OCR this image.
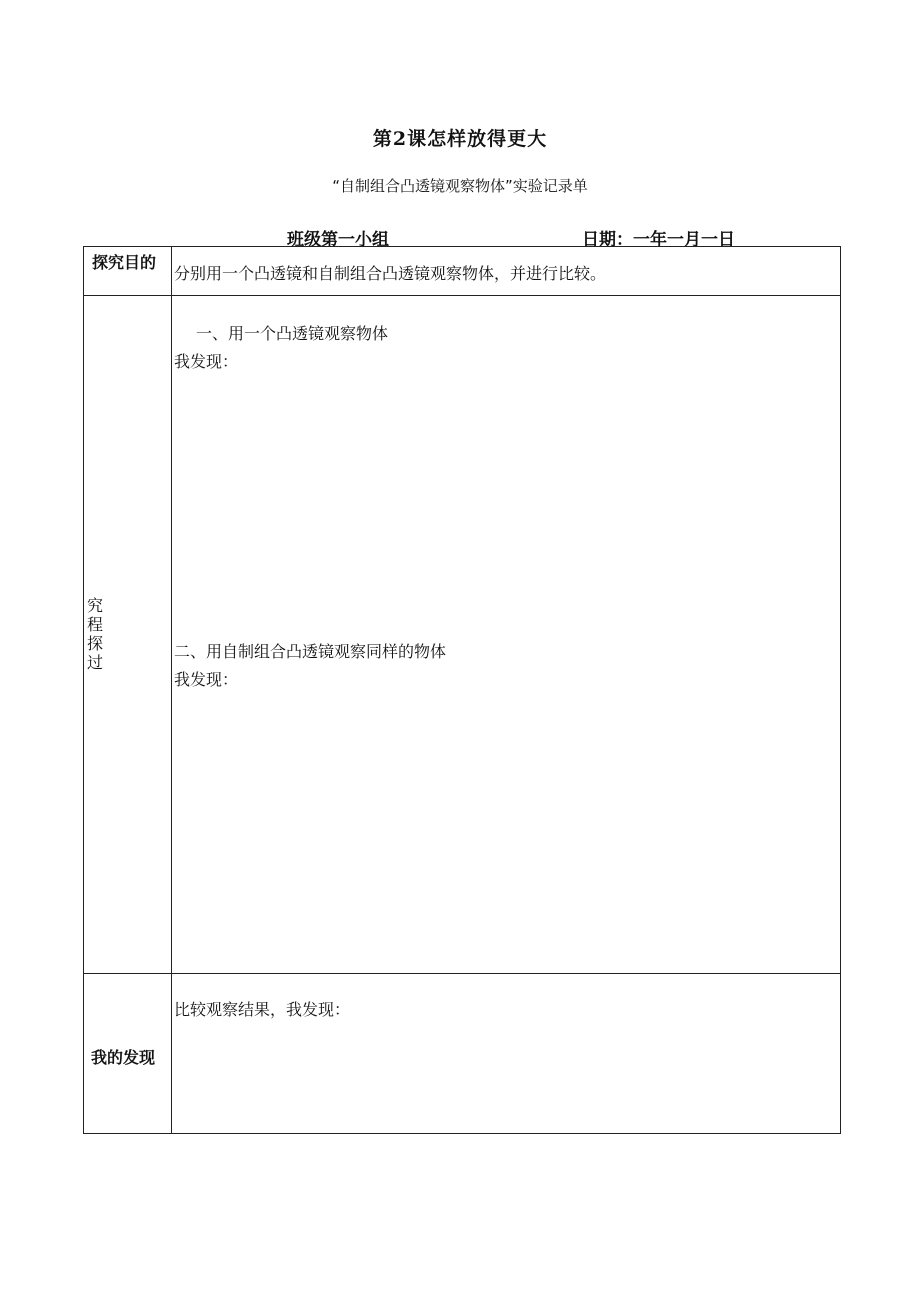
第2课怎样放得更大
“自制组合凸透镜观察物体”实验记录单
班级第一小组	日期：一年一月一日
探究目的	分别用一个凸透镜和自制组合凸透镜观察物体，并进行比较。

究
程
探
过	一、用一个凸透镜观察物体
我发现：
二、用自制组合凸透镜观察同样的物体
我发现：

我的发现	比较观察结果，我发现：
